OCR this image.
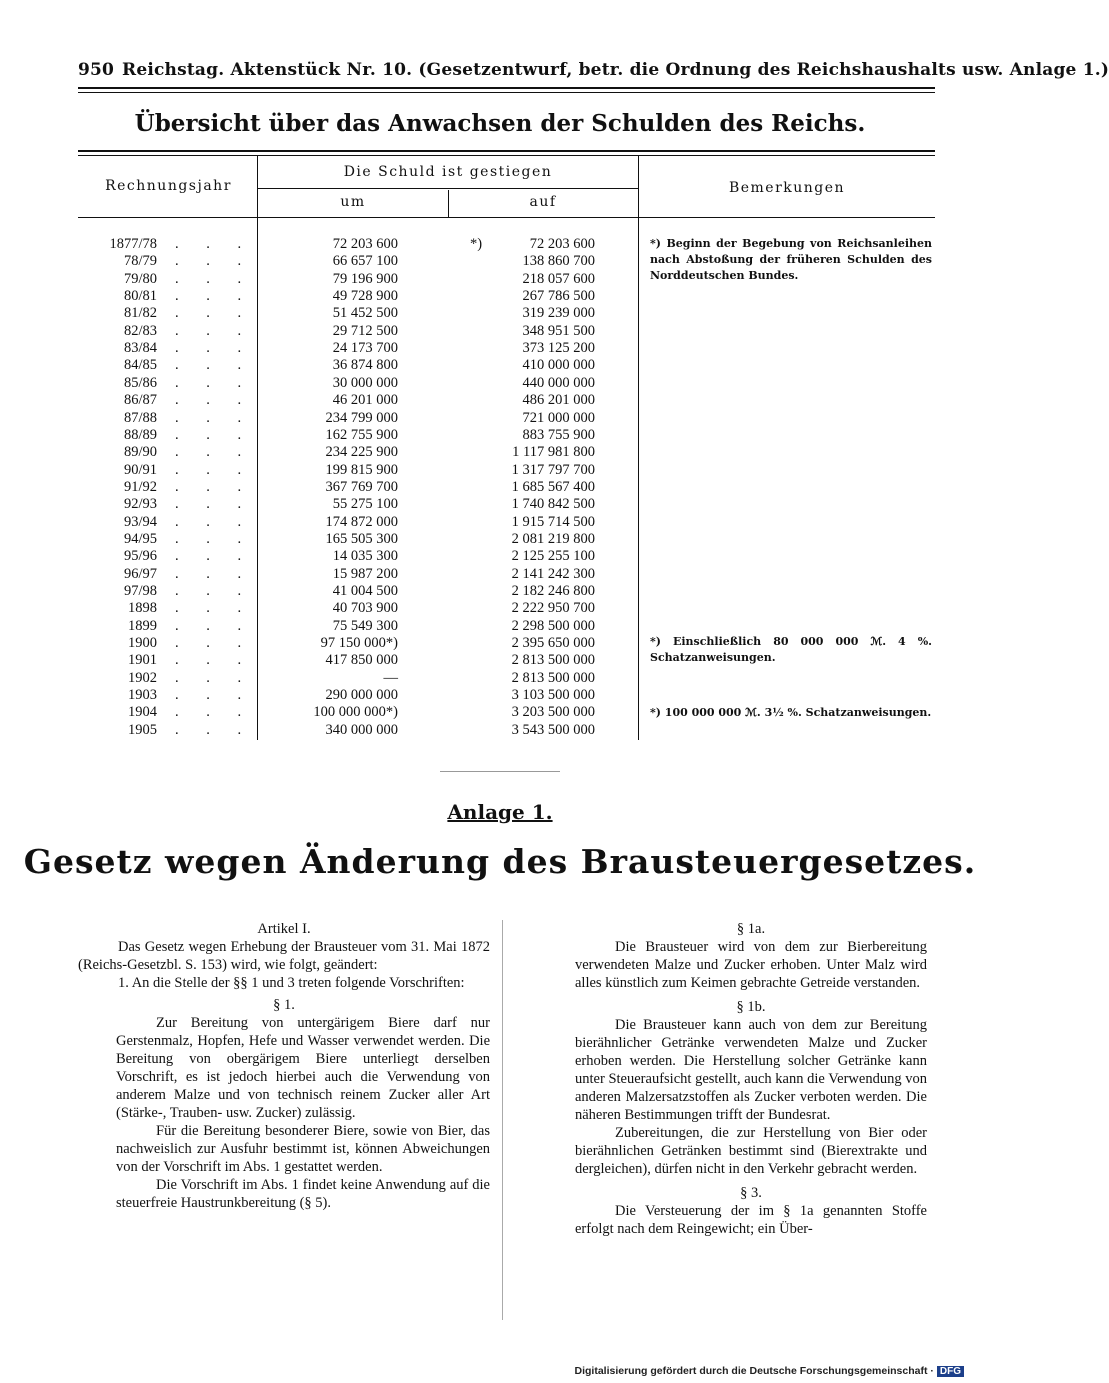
950 Reichstag. Aktenstück Nr. 10. (Gesetzentwurf, betr. die Ordnung des Reichshaushalts usw. Anlage 1.)
Übersicht über das Anwachsen der Schulden des Reichs.
Rechnungsjahr
Die Schuld ist gestiegen
um	auf
Bemerkungen
1877/78 . . .	72 203 600	*)	72 203 600
78/79 . . .	66 657 100	138 860 700
79/80 . . .	79 196 900	218 057 600
80/81 . . .	49 728 900	267 786 500
81/82 . . .	51 452 500	319 239 000
82/83 . . .	29 712 500	348 951 500
83/84 . . .	24 173 700	373 125 200
84/85 . . .	36 874 800	410 000 000
85/86 . . .	30 000 000	440 000 000
86/87 . . .	46 201 000	486 201 000
87/88 . . .	234 799 000	721 000 000
88/89 . . .	162 755 900	883 755 900
89/90 . . .	234 225 900	1 117 981 800
90/91 . . .	199 815 900	1 317 797 700
91/92 . . .	367 769 700	1 685 567 400
92/93 . . .	55 275 100	1 740 842 500
93/94 . . .	174 872 000	1 915 714 500
94/95 . . .	165 505 300	2 081 219 800
95/96 . . .	14 035 300	2 125 255 100
96/97 . . .	15 987 200	2 141 242 300
97/98 . . .	41 004 500	2 182 246 800
1898 . . .	40 703 900	2 222 950 700
1899 . . .	75 549 300	2 298 500 000
1900 . . .	97 150 000*)	2 395 650 000
1901 . . .	417 850 000	2 813 500 000
1902 . . .	—	2 813 500 000
1903 . . .	290 000 000	3 103 500 000
1904 . . .	100 000 000*)	3 203 500 000
1905 . . .	340 000 000	3 543 500 000
*) Beginn der Begebung von Reichsanleihen nach Abstoßung der früheren Schulden des Norddeutschen Bundes.
*) Einschließlich 80 000 000 ℳ. 4 %. Schatzanweisungen.
*) 100 000 000 ℳ. 3½ %. Schatzanweisungen.
Anlage 1.
Gesetz wegen Änderung des Brausteuergesetzes.

Artikel I.

Das Gesetz wegen Erhebung der Brausteuer vom 31. Mai 1872 (Reichs-Gesetzbl. S. 153) wird, wie folgt, geändert:

1. An die Stelle der §§ 1 und 3 treten folgende Vorschriften:

§ 1.

Zur Bereitung von untergärigem Biere darf nur Gerstenmalz, Hopfen, Hefe und Wasser verwendet werden. Die Bereitung von obergärigem Biere unterliegt derselben Vorschrift, es ist jedoch hierbei auch die Verwendung von anderem Malze und von technisch reinem Zucker aller Art (Stärke-, Trauben- usw. Zucker) zulässig.

Für die Bereitung besonderer Biere, sowie von Bier, das nachweislich zur Ausfuhr bestimmt ist, können Abweichungen von der Vorschrift im Abs. 1 gestattet werden.

Die Vorschrift im Abs. 1 findet keine Anwendung auf die steuerfreie Haustrunkbereitung (§ 5).

§ 1a.

Die Brausteuer wird von dem zur Bierbereitung verwendeten Malze und Zucker erhoben. Unter Malz wird alles künstlich zum Keimen gebrachte Getreide verstanden.

§ 1b.

Die Brausteuer kann auch von dem zur Bereitung bierähnlicher Getränke verwendeten Malze und Zucker erhoben werden. Die Herstellung solcher Getränke kann unter Steueraufsicht gestellt, auch kann die Verwendung von anderen Malzersatzstoffen als Zucker verboten werden. Die näheren Bestimmungen trifft der Bundesrat.

Zubereitungen, die zur Herstellung von Bier oder bierähnlichen Getränken bestimmt sind (Bierextrakte und dergleichen), dürfen nicht in den Verkehr gebracht werden.

§ 3.

Die Versteuerung der im § 1a genannten Stoffe erfolgt nach dem Reingewicht; ein Über-

Digitalisierung gefördert durch die Deutsche Forschungsgemeinschaft · DFG
